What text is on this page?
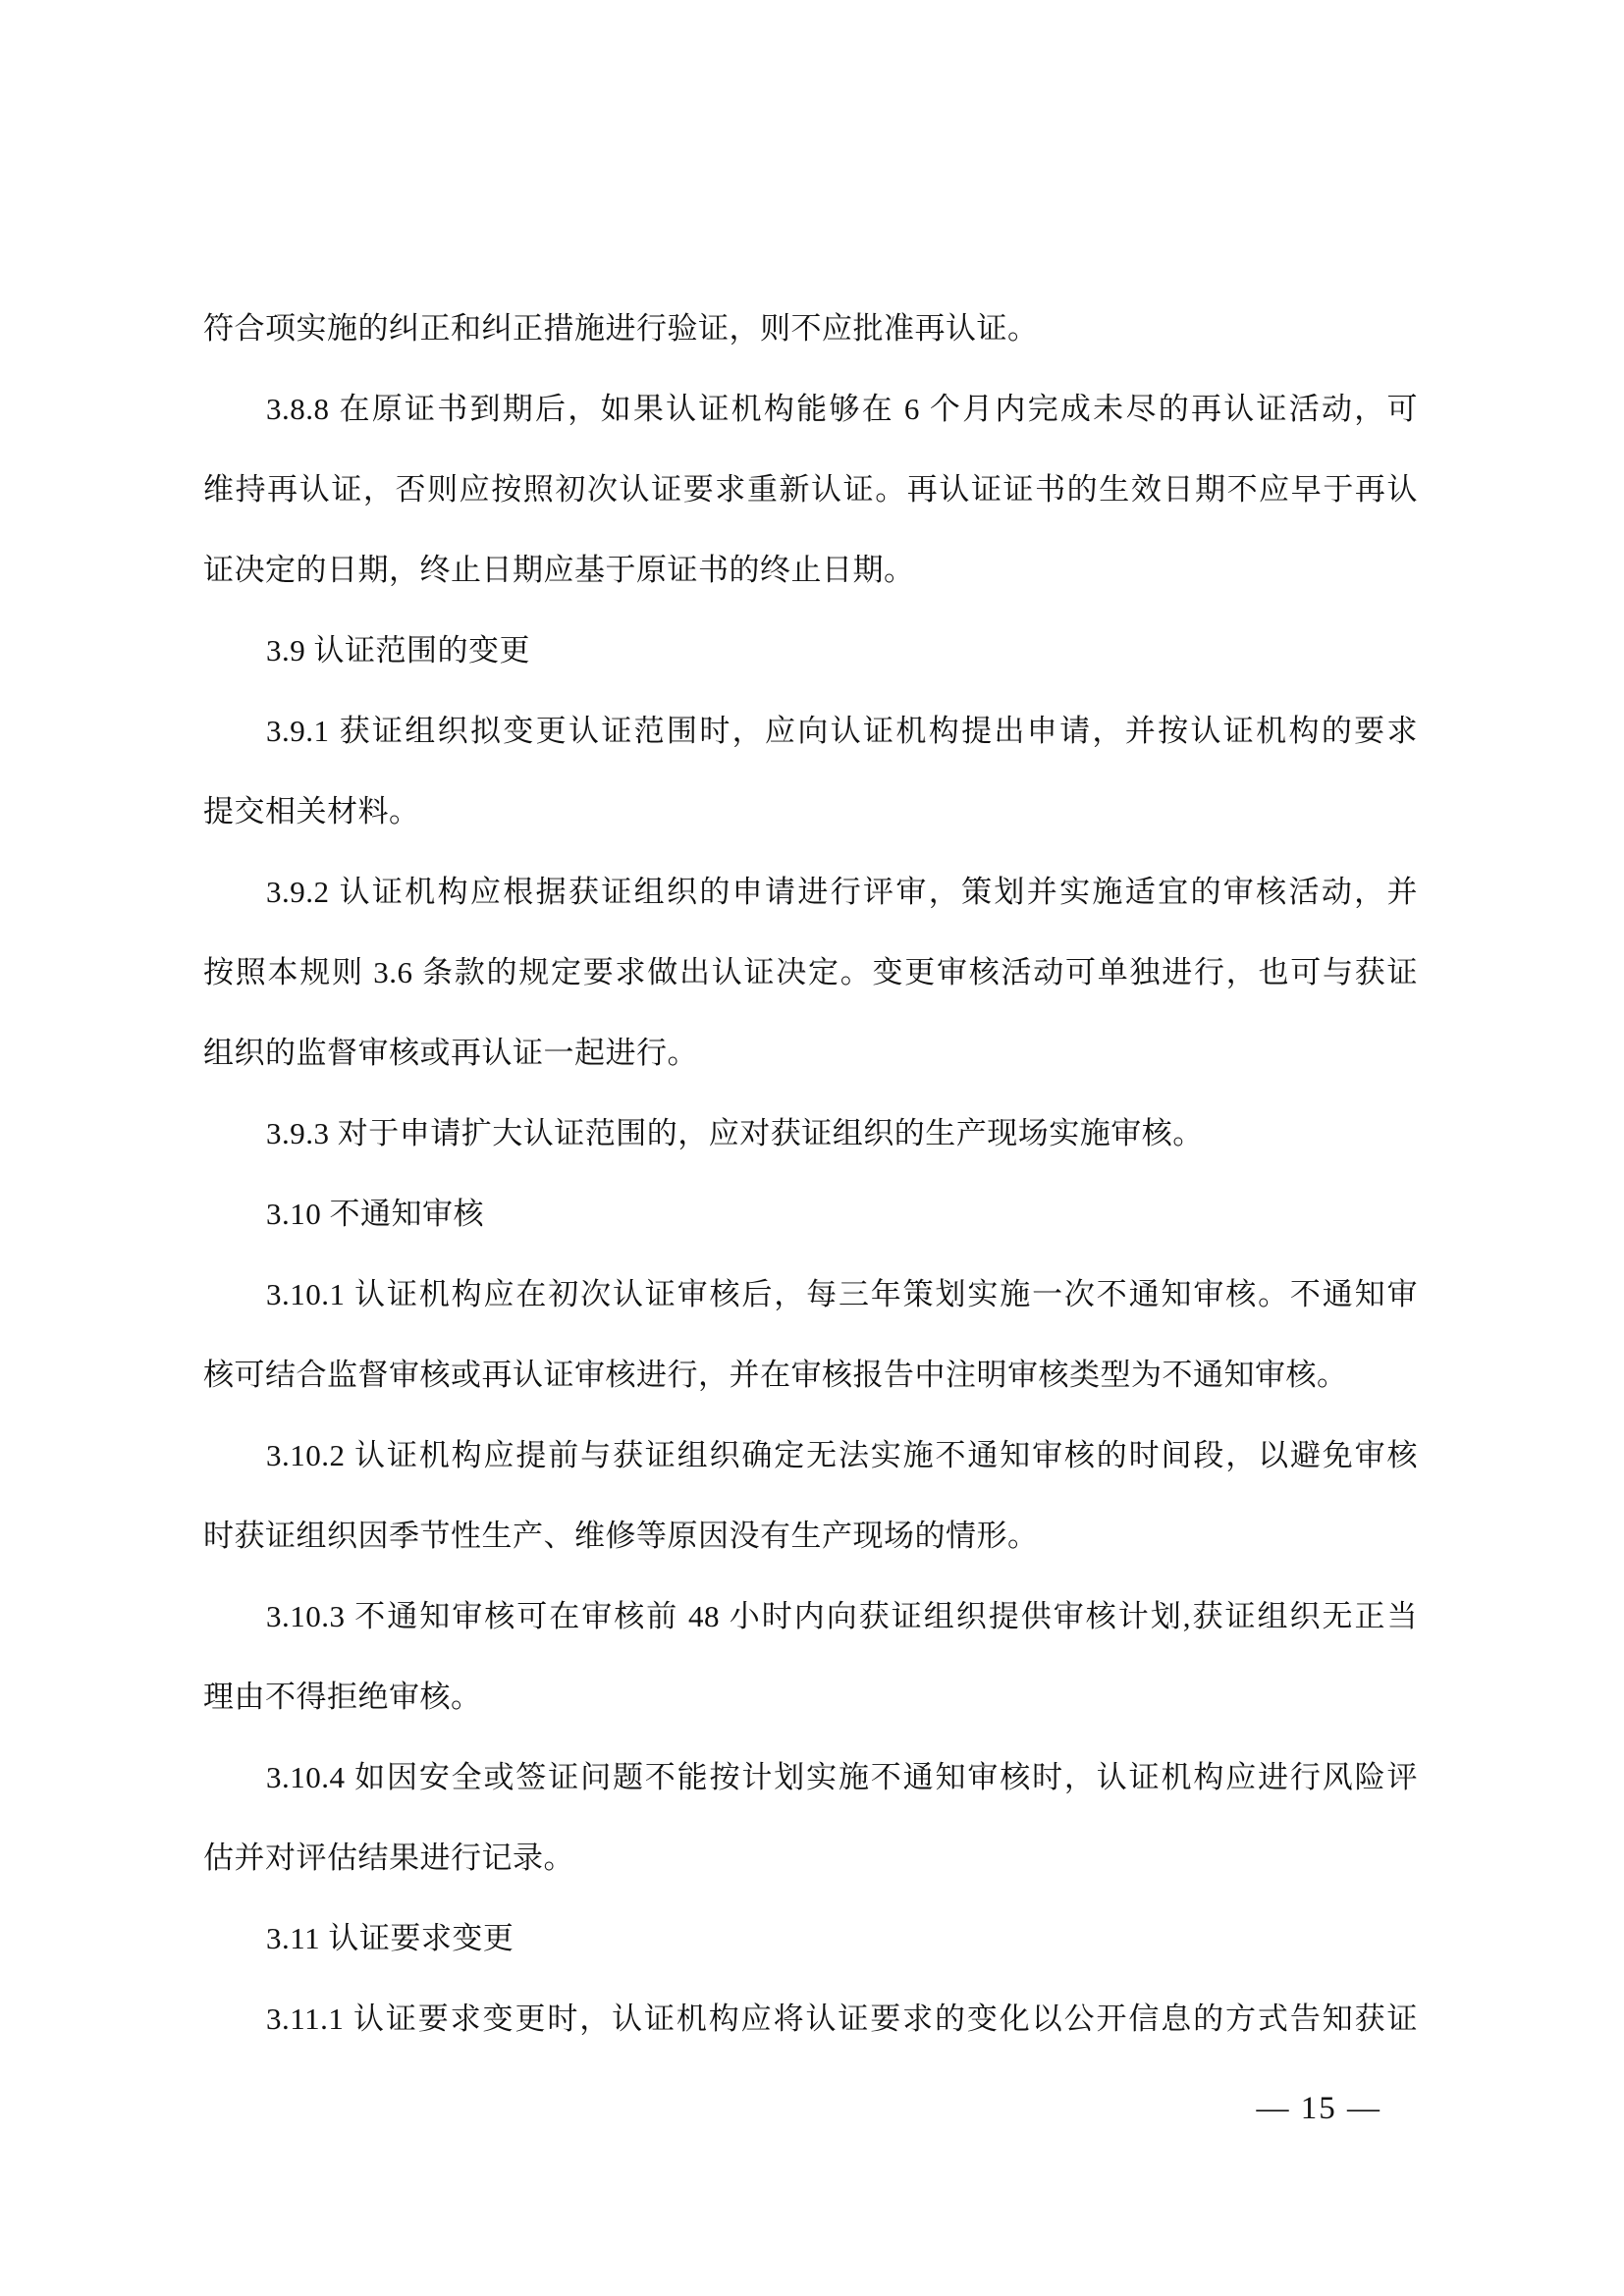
符合项实施的纠正和纠正措施进行验证，则不应批准再认证。
3.8.8 在原证书到期后，如果认证机构能够在 6 个月内完成未尽的再认证活动，可
维持再认证，否则应按照初次认证要求重新认证。再认证证书的生效日期不应早于再认
证决定的日期，终止日期应基于原证书的终止日期。
3.9 认证范围的变更
3.9.1 获证组织拟变更认证范围时，应向认证机构提出申请，并按认证机构的要求
提交相关材料。
3.9.2 认证机构应根据获证组织的申请进行评审，策划并实施适宜的审核活动，并
按照本规则 3.6 条款的规定要求做出认证决定。变更审核活动可单独进行，也可与获证
组织的监督审核或再认证一起进行。
3.9.3 对于申请扩大认证范围的，应对获证组织的生产现场实施审核。
3.10 不通知审核
3.10.1 认证机构应在初次认证审核后，每三年策划实施一次不通知审核。不通知审
核可结合监督审核或再认证审核进行，并在审核报告中注明审核类型为不通知审核。
3.10.2 认证机构应提前与获证组织确定无法实施不通知审核的时间段，以避免审核
时获证组织因季节性生产、维修等原因没有生产现场的情形。
3.10.3 不通知审核可在审核前 48 小时内向获证组织提供审核计划,获证组织无正当
理由不得拒绝审核。
3.10.4 如因安全或签证问题不能按计划实施不通知审核时，认证机构应进行风险评
估并对评估结果进行记录。
3.11 认证要求变更
3.11.1 认证要求变更时，认证机构应将认证要求的变化以公开信息的方式告知获证
— 15 —
